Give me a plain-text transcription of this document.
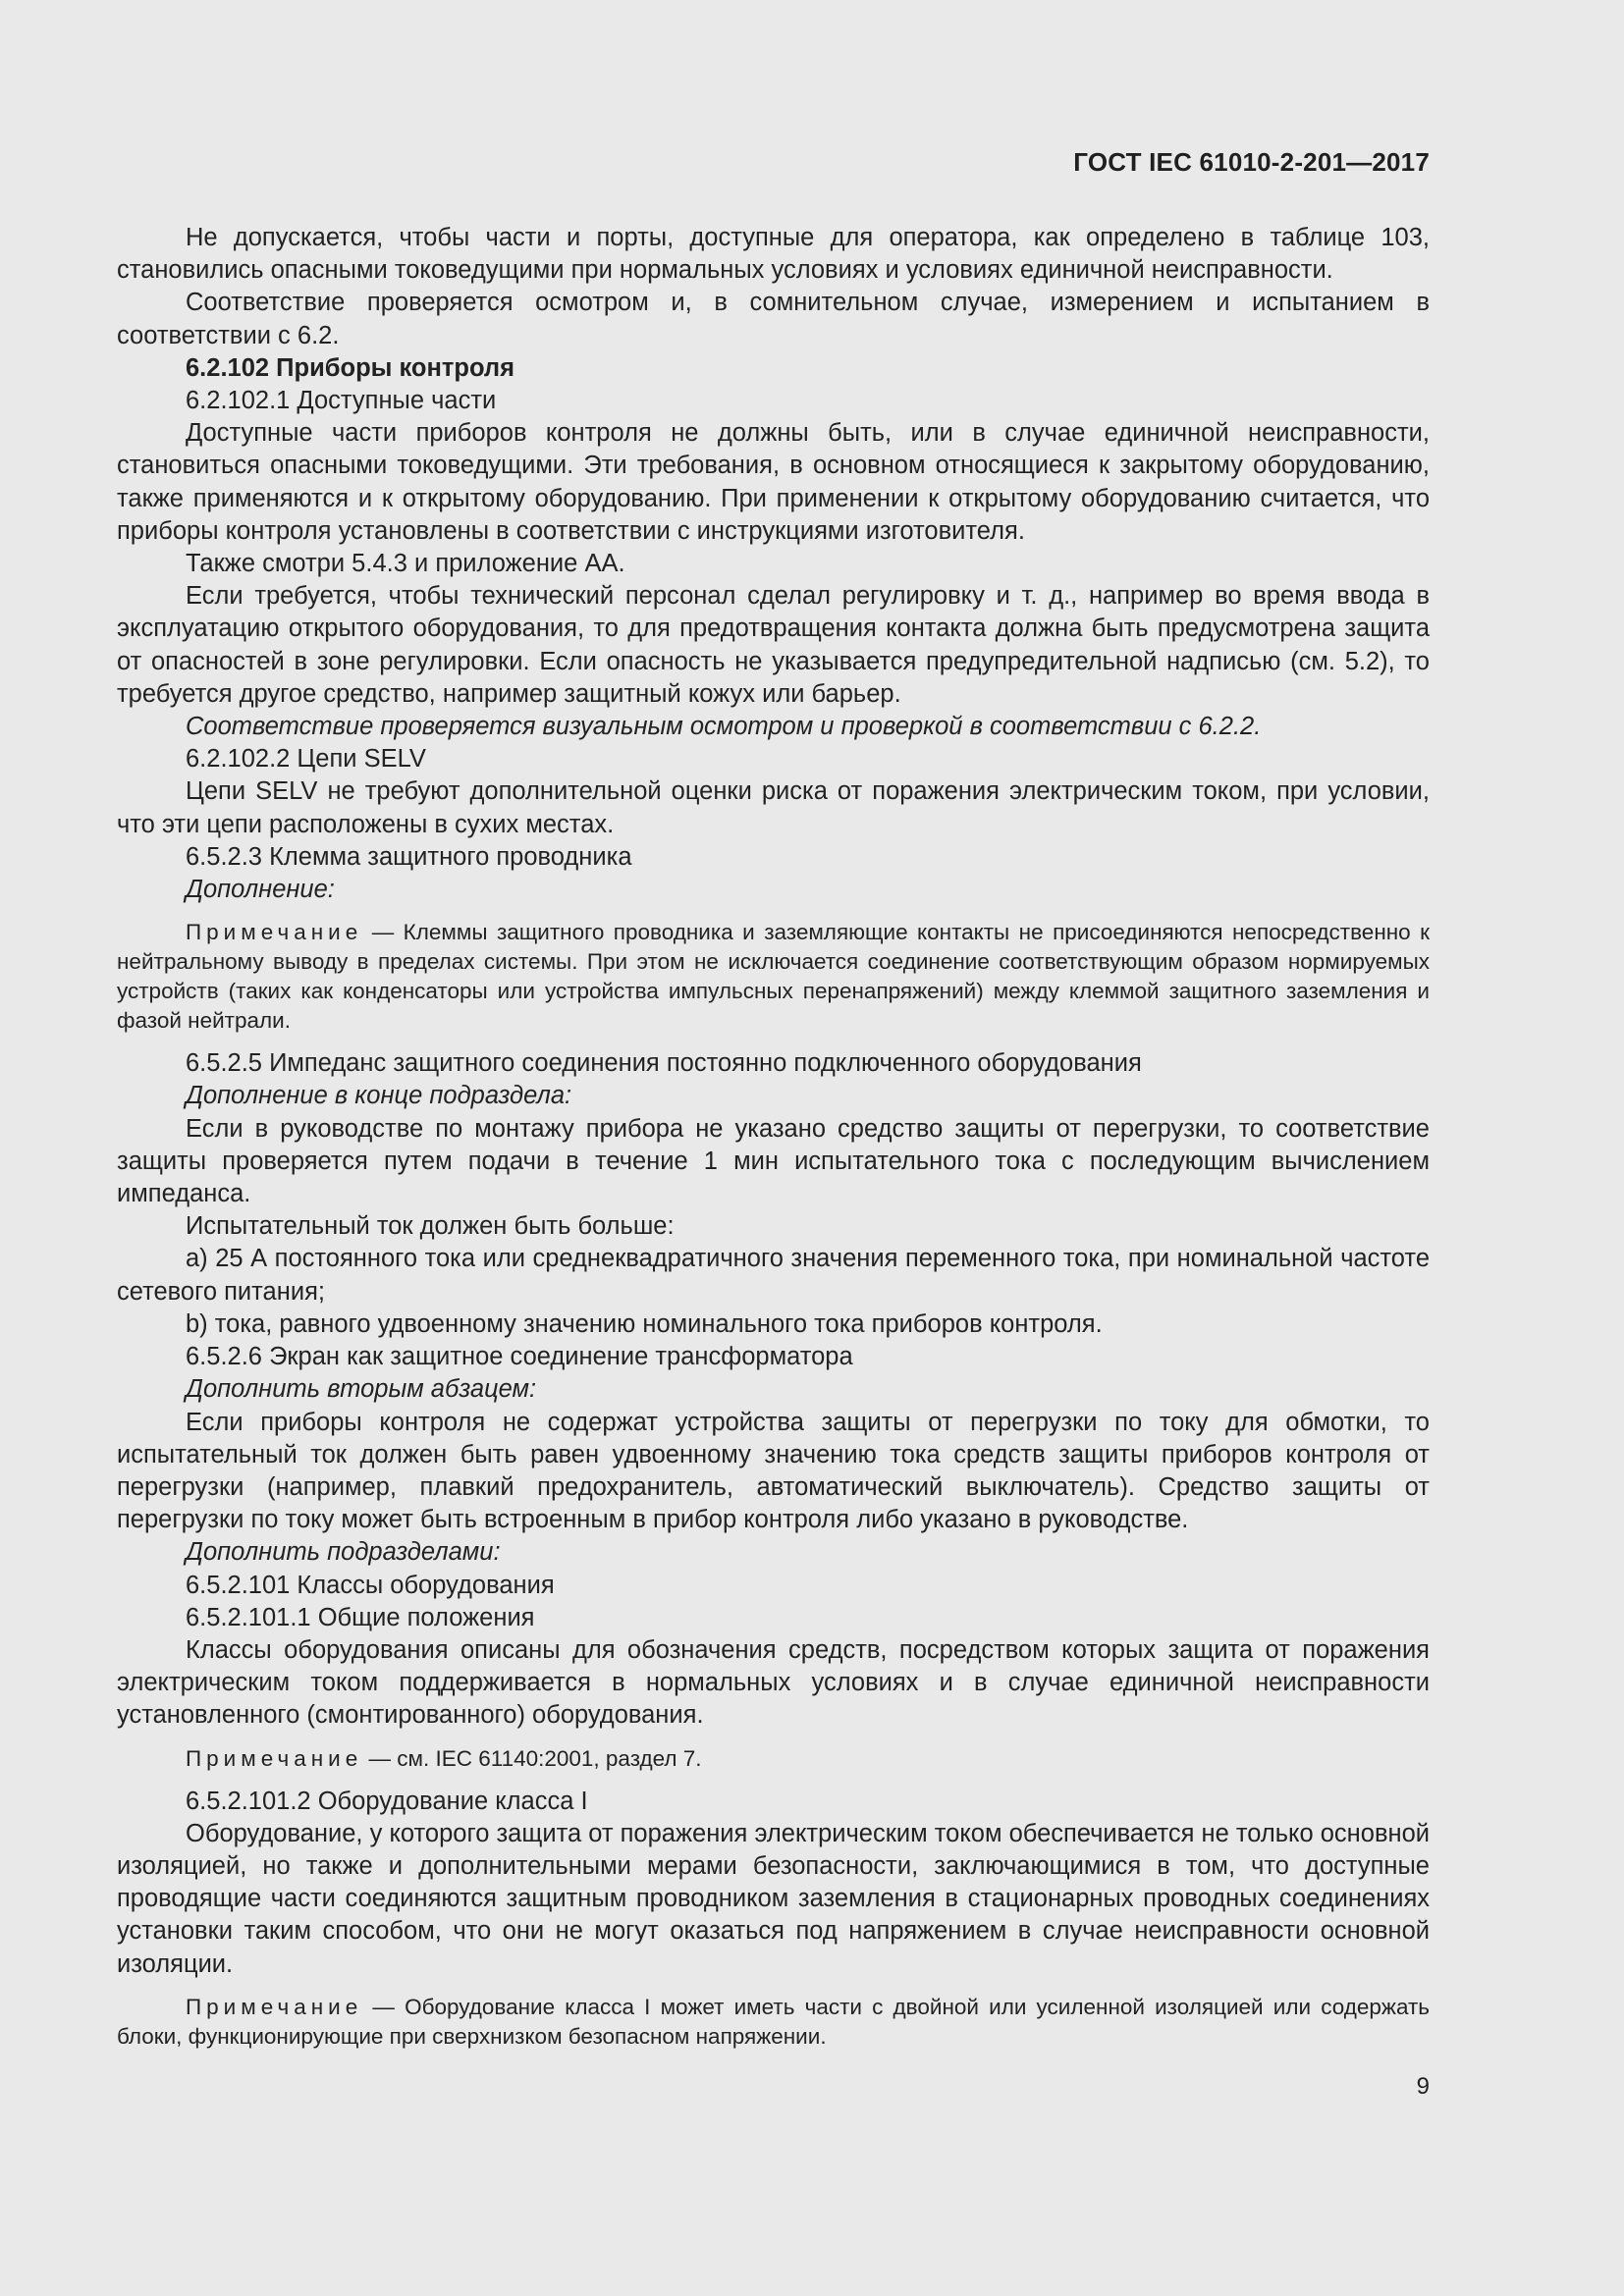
ГОСТ IEC 61010-2-201—2017

Не допускается, чтобы части и порты, доступные для оператора, как определено в таблице 103, становились опасными токоведущими при нормальных условиях и условиях единичной неисправности.

Соответствие проверяется осмотром и, в сомнительном случае, измерением и испытанием в соответствии с 6.2.

6.2.102 Приборы контроля

6.2.102.1 Доступные части

Доступные части приборов контроля не должны быть, или в случае единичной неисправности, становиться опасными токоведущими. Эти требования, в основном относящиеся к закрытому оборудованию, также применяются и к открытому оборудованию. При применении к открытому оборудованию считается, что приборы контроля установлены в соответствии с инструкциями изготовителя.

Также смотри 5.4.3 и приложение AA.

Если требуется, чтобы технический персонал сделал регулировку и т. д., например во время ввода в эксплуатацию открытого оборудования, то для предотвращения контакта должна быть предусмотрена защита от опасностей в зоне регулировки. Если опасность не указывается предупредительной надписью (см. 5.2), то требуется другое средство, например защитный кожух или барьер.

Соответствие проверяется визуальным осмотром и проверкой в соответствии с 6.2.2.

6.2.102.2 Цепи SELV

Цепи SELV не требуют дополнительной оценки риска от поражения электрическим током, при условии, что эти цепи расположены в сухих местах.

6.5.2.3 Клемма защитного проводника

Дополнение:

Примечание — Клеммы защитного проводника и заземляющие контакты не присоединяются непосредственно к нейтральному выводу в пределах системы. При этом не исключается соединение соответствующим образом нормируемых устройств (таких как конденсаторы или устройства импульсных перенапряжений) между клеммой защитного заземления и фазой нейтрали.

6.5.2.5 Импеданс защитного соединения постоянно подключенного оборудования

Дополнение в конце подраздела:

Если в руководстве по монтажу прибора не указано средство защиты от перегрузки, то соответствие защиты проверяется путем подачи в течение 1 мин испытательного тока с последующим вычислением импеданса.

Испытательный ток должен быть больше:

а) 25 А постоянного тока или среднеквадратичного значения переменного тока, при номинальной частоте сетевого питания;

b) тока, равного удвоенному значению номинального тока приборов контроля.

6.5.2.6 Экран как защитное соединение трансформатора

Дополнить вторым абзацем:

Если приборы контроля не содержат устройства защиты от перегрузки по току для обмотки, то испытательный ток должен быть равен удвоенному значению тока средств защиты приборов контроля от перегрузки (например, плавкий предохранитель, автоматический выключатель). Средство защиты от перегрузки по току может быть встроенным в прибор контроля либо указано в руководстве.

Дополнить подразделами:

6.5.2.101 Классы оборудования

6.5.2.101.1 Общие положения

Классы оборудования описаны для обозначения средств, посредством которых защита от поражения электрическим током поддерживается в нормальных условиях и в случае единичной неисправности установленного (смонтированного) оборудования.

Примечание — см. IEC 61140:2001, раздел 7.

6.5.2.101.2 Оборудование класса I

Оборудование, у которого защита от поражения электрическим током обеспечивается не только основной изоляцией, но также и дополнительными мерами безопасности, заключающимися в том, что доступные проводящие части соединяются защитным проводником заземления в стационарных проводных соединениях установки таким способом, что они не могут оказаться под напряжением в случае неисправности основной изоляции.

Примечание — Оборудование класса I может иметь части с двойной или усиленной изоляцией или содержать блоки, функционирующие при сверхнизком безопасном напряжении.

9
